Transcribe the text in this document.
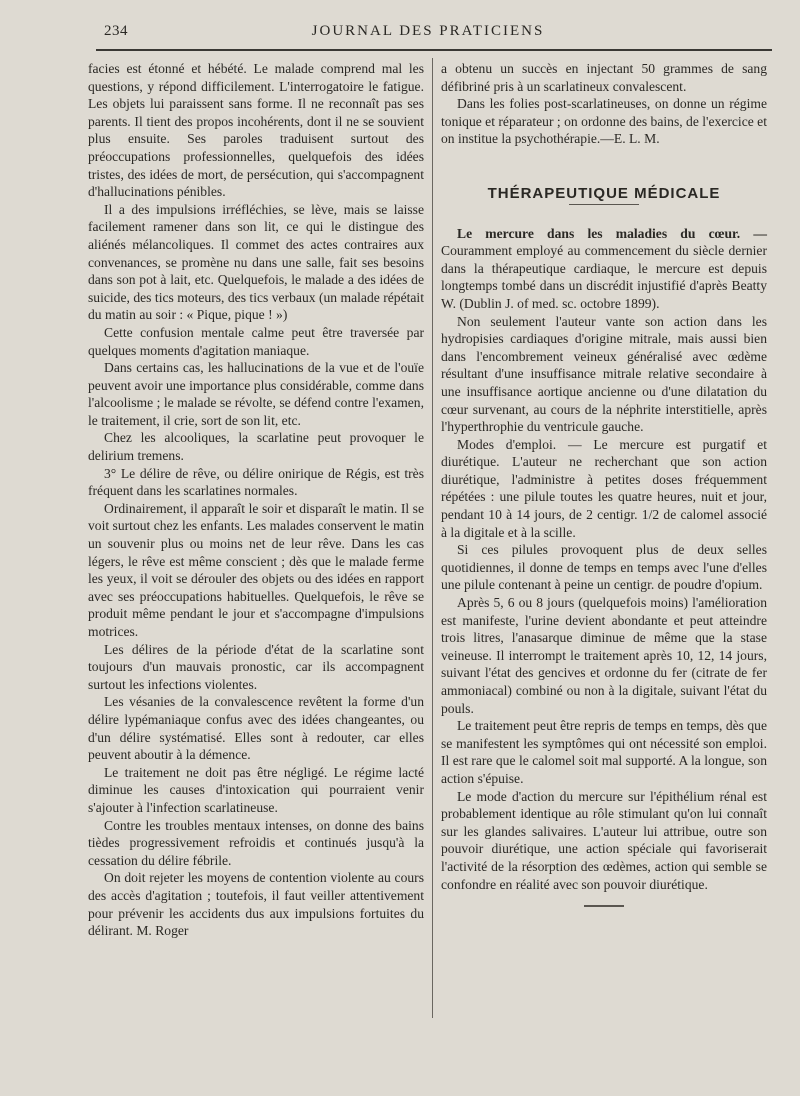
234	JOURNAL DES PRATICIENS

facies est étonné et hébété. Le malade comprend mal les questions, y répond difficilement. L'interrogatoire le fatigue. Les objets lui paraissent sans forme. Il ne reconnaît pas ses parents. Il tient des propos incohérents, dont il ne se souvient plus ensuite. Ses paroles traduisent surtout des préoccupations professionnelles, quelquefois des idées tristes, des idées de mort, de persécution, qui s'accompagnent d'hallucinations pénibles.

Il a des impulsions irréfléchies, se lève, mais se laisse facilement ramener dans son lit, ce qui le distingue des aliénés mélancoliques. Il commet des actes contraires aux convenances, se promène nu dans une salle, fait ses besoins dans son pot à lait, etc. Quelquefois, le malade a des idées de suicide, des tics moteurs, des tics verbaux (un malade répétait du matin au soir : « Pique, pique ! »)

Cette confusion mentale calme peut être traversée par quelques moments d'agitation maniaque.

Dans certains cas, les hallucinations de la vue et de l'ouïe peuvent avoir une importance plus considérable, comme dans l'alcoolisme ; le malade se révolte, se défend contre l'examen, le traitement, il crie, sort de son lit, etc.

Chez les alcooliques, la scarlatine peut provoquer le delirium tremens.

3° Le délire de rêve, ou délire onirique de Régis, est très fréquent dans les scarlatines normales.

Ordinairement, il apparaît le soir et disparaît le matin. Il se voit surtout chez les enfants. Les malades conservent le matin un souvenir plus ou moins net de leur rêve. Dans les cas légers, le rêve est même conscient ; dès que le malade ferme les yeux, il voit se dérouler des objets ou des idées en rapport avec ses préoccupations habituelles. Quelquefois, le rêve se produit même pendant le jour et s'accompagne d'impulsions motrices.

Les délires de la période d'état de la scarlatine sont toujours d'un mauvais pronostic, car ils accompagnent surtout les infections violentes.

Les vésanies de la convalescence revêtent la forme d'un délire lypémaniaque confus avec des idées changeantes, ou d'un délire systématisé. Elles sont à redouter, car elles peuvent aboutir à la démence.

Le traitement ne doit pas être négligé. Le régime lacté diminue les causes d'intoxication qui pourraient venir s'ajouter à l'infection scarlatineuse.

Contre les troubles mentaux intenses, on donne des bains tièdes progressivement refroidis et continués jusqu'à la cessation du délire fébrile.

On doit rejeter les moyens de contention violente au cours des accès d'agitation ; toutefois, il faut veiller attentivement pour prévenir les accidents dus aux impulsions fortuites du délirant. M. Roger

a obtenu un succès en injectant 50 grammes de sang défibriné pris à un scarlatineux convalescent.

Dans les folies post-scarlatineuses, on donne un régime tonique et réparateur ; on ordonne des bains, de l'exercice et on institue la psychothérapie.—E. L. M.

THÉRAPEUTIQUE MÉDICALE

Le mercure dans les maladies du cœur. — Couramment employé au commencement du siècle dernier dans la thérapeutique cardiaque, le mercure est depuis longtemps tombé dans un discrédit injustifié d'après Beatty W. (Dublin J. of med. sc. octobre 1899).

Non seulement l'auteur vante son action dans les hydropisies cardiaques d'origine mitrale, mais aussi bien dans l'encombrement veineux généralisé avec œdème résultant d'une insuffisance mitrale relative secondaire à une insuffisance aortique ancienne ou d'une dilatation du cœur survenant, au cours de la néphrite interstitielle, après l'hyperthrophie du ventricule gauche.

Modes d'emploi. — Le mercure est purgatif et diurétique. L'auteur ne recherchant que son action diurétique, l'administre à petites doses fréquemment répétées : une pilule toutes les quatre heures, nuit et jour, pendant 10 à 14 jours, de 2 centigr. 1/2 de calomel associé à la digitale et à la scille.

Si ces pilules provoquent plus de deux selles quotidiennes, il donne de temps en temps avec l'une d'elles une pilule contenant à peine un centigr. de poudre d'opium.

Après 5, 6 ou 8 jours (quelquefois moins) l'amélioration est manifeste, l'urine devient abondante et peut atteindre trois litres, l'anasarque diminue de même que la stase veineuse. Il interrompt le traitement après 10, 12, 14 jours, suivant l'état des gencives et ordonne du fer (citrate de fer ammoniacal) combiné ou non à la digitale, suivant l'état du pouls.

Le traitement peut être repris de temps en temps, dès que se manifestent les symptômes qui ont nécessité son emploi. Il est rare que le calomel soit mal supporté. A la longue, son action s'épuise.

Le mode d'action du mercure sur l'épithélium rénal est probablement identique au rôle stimulant qu'on lui connaît sur les glandes salivaires. L'auteur lui attribue, outre son pouvoir diurétique, une action spéciale qui favoriserait l'activité de la résorption des œdèmes, action qui semble se confondre en réalité avec son pouvoir diurétique.
